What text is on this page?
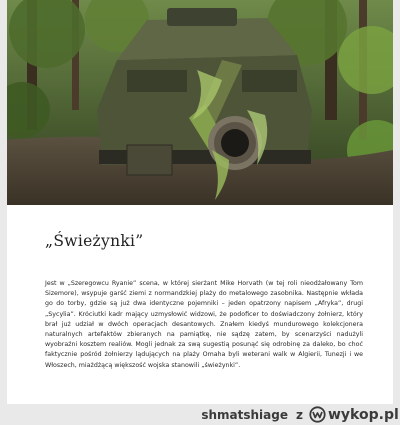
„Świeżynki”

Jest w „Szeregowcu Ryanie” scena, w której sierżant Mike Horvath (w tej roli nieodżałowany Tom Sizemore), wsypuje garść ziemi z normandzkiej plaży do metalowego zasobnika. Następnie wkłada go do torby, gdzie są już dwa identyczne pojemniki – jeden opatrzony napisem „Afryka”, drugi „Sycylia”. Króciutki kadr mający uzmysłowić widzowi, że podoficer to doświadczony żołnierz, który brał już udział w dwóch operacjach desantowych. Znałem kiedyś mundurowego kolekcjonera naturalnych artefaktów zbieranych na pamiątkę, nie sądzę zatem, by scenarzyści nadużyli wyobraźni kosztem realiów. Mogli jednak za swą sugestią posunąć się odrobinę za daleko, bo choć faktycznie pośród żołnierzy lądujących na plaży Omaha byli weterani walk w Algierii, Tunezji i we Włoszech, miażdżącą większość wojska stanowili „świeżynki”.

shmatshiage z wykop.pl
